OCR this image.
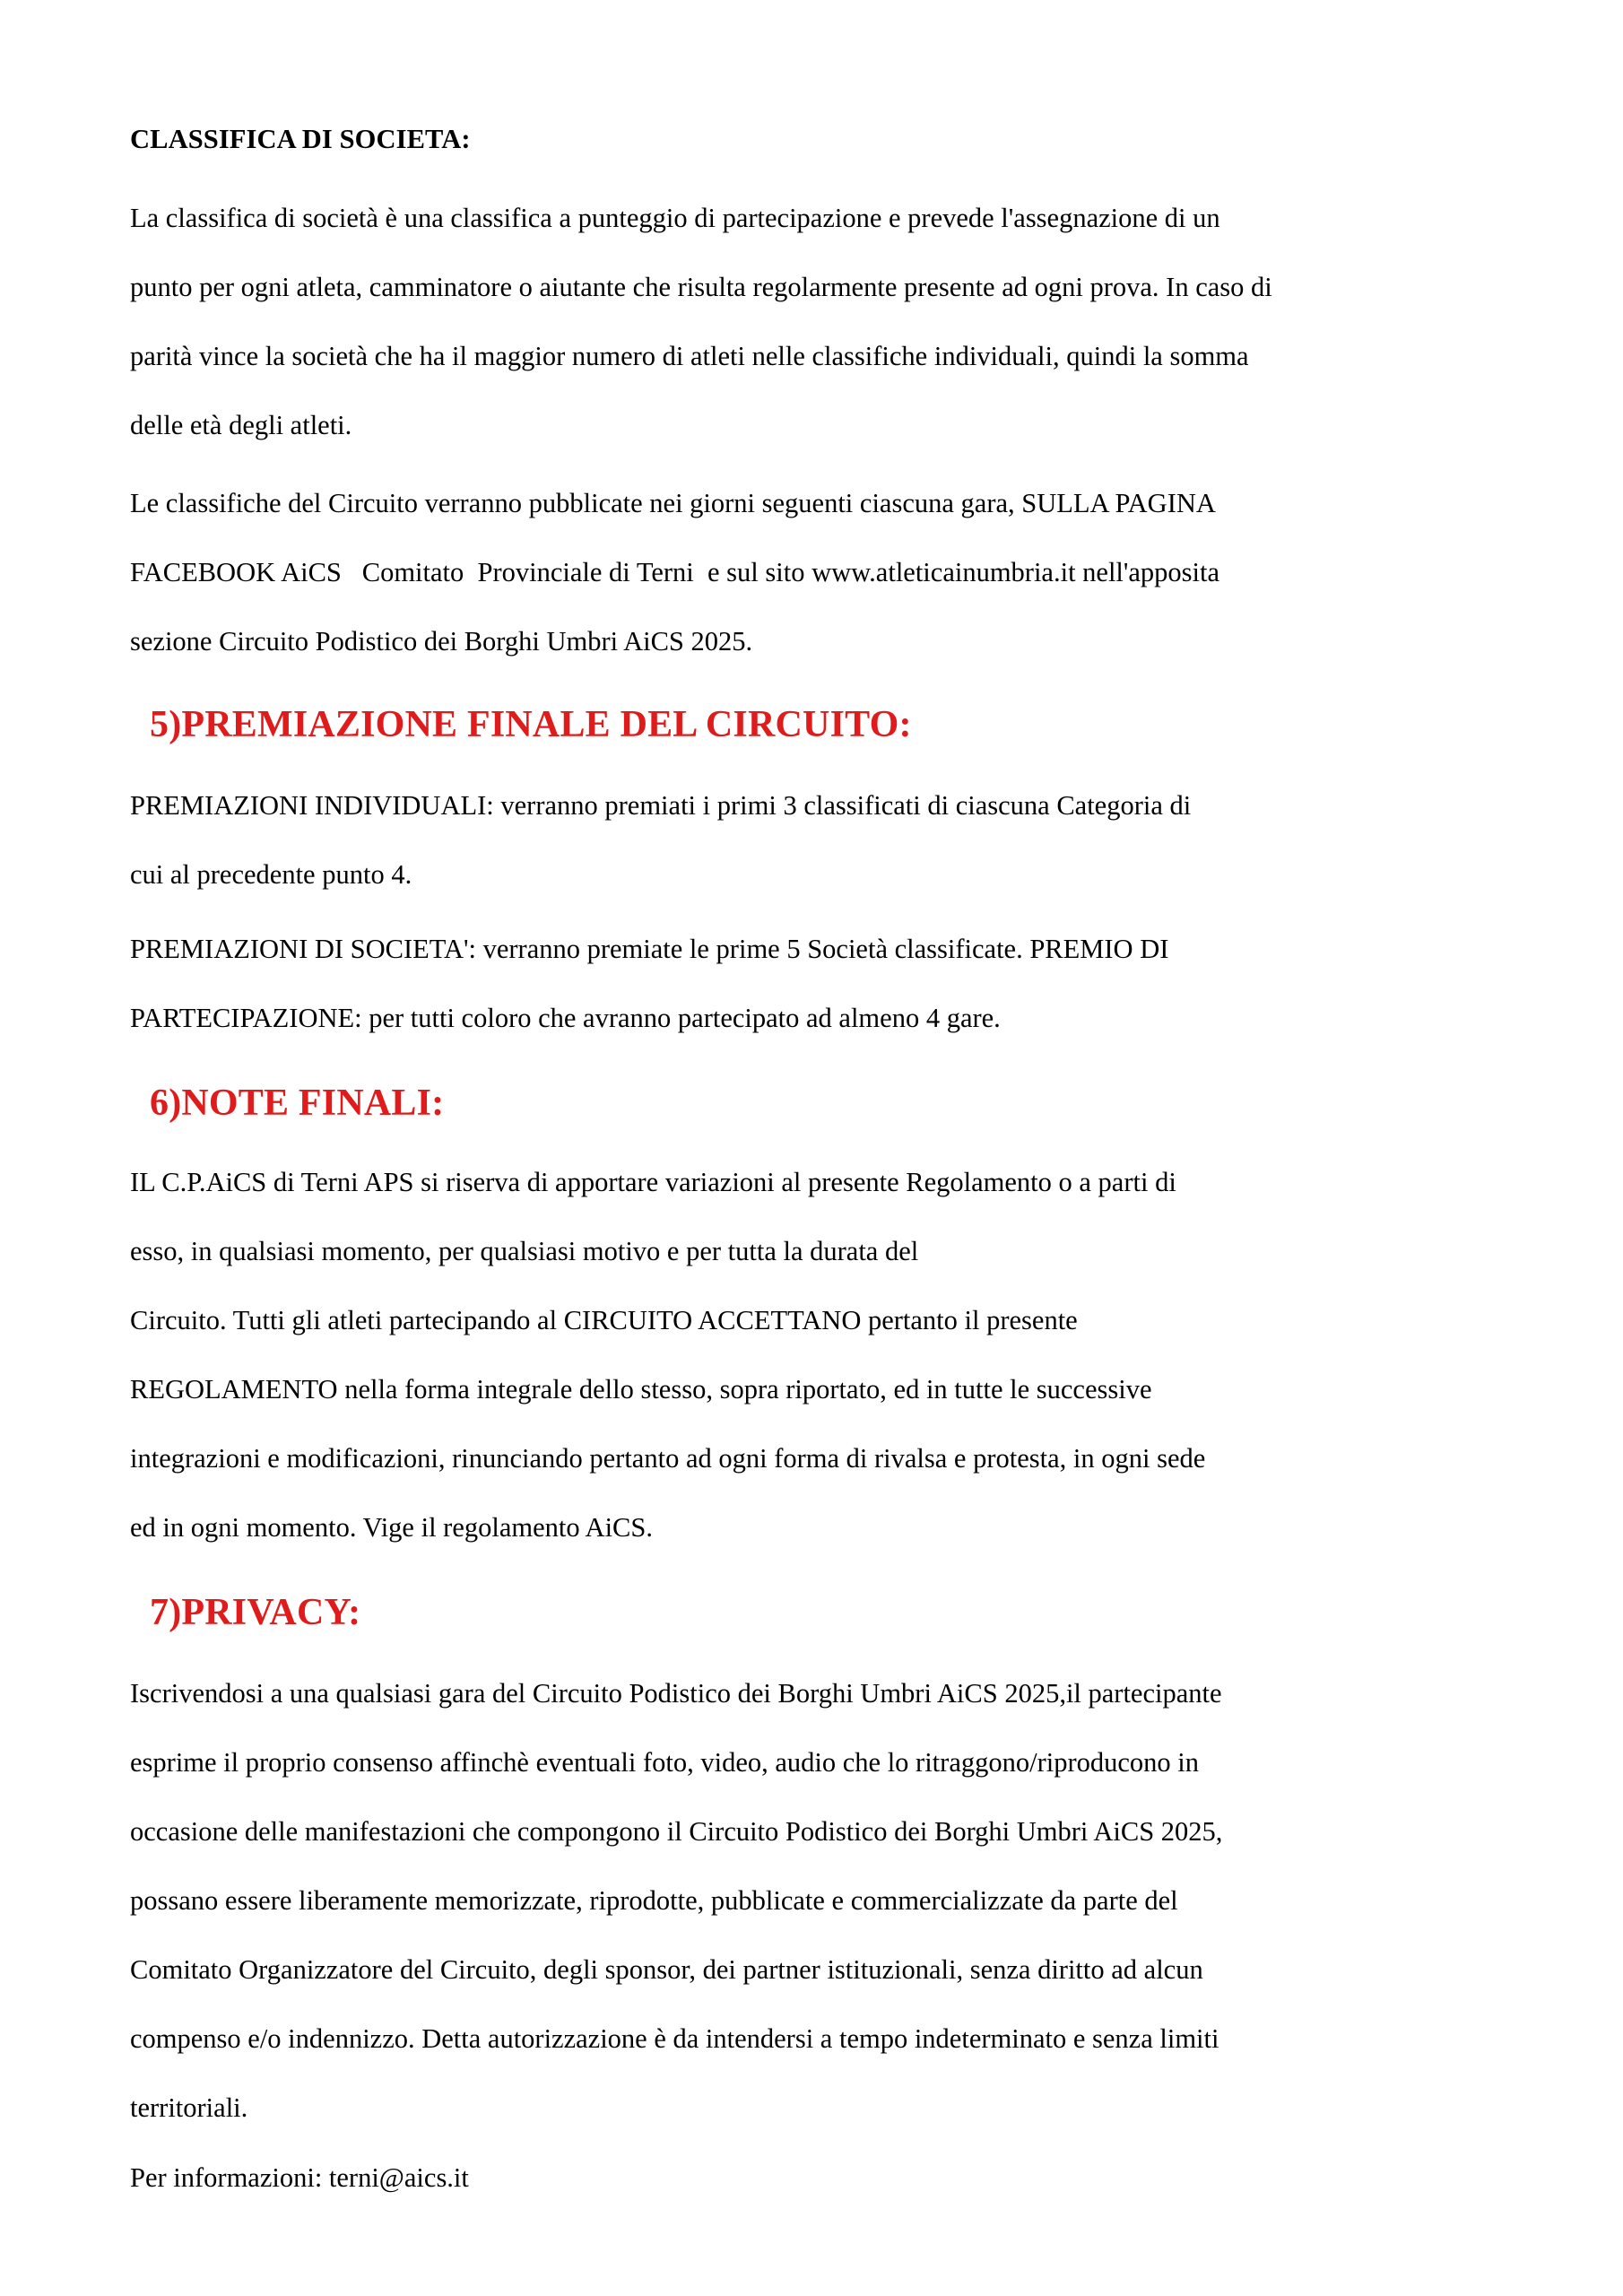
CLASSIFICA DI SOCIETA:

La classifica di società è una classifica a punteggio di partecipazione e prevede l'assegnazione di un
punto per ogni atleta, camminatore o aiutante che risulta regolarmente presente ad ogni prova. In caso di
parità vince la società che ha il maggior numero di atleti nelle classifiche individuali, quindi la somma
delle età degli atleti.

Le classifiche del Circuito verranno pubblicate nei giorni seguenti ciascuna gara, SULLA PAGINA
FACEBOOK AiCS   Comitato  Provinciale di Terni  e sul sito www.atleticainumbria.it nell'apposita
sezione Circuito Podistico dei Borghi Umbri AiCS 2025.

5)PREMIAZIONE FINALE DEL CIRCUITO:

PREMIAZIONI INDIVIDUALI: verranno premiati i primi 3 classificati di ciascuna Categoria di
cui al precedente punto 4.

PREMIAZIONI DI SOCIETA': verranno premiate le prime 5 Società classificate. PREMIO DI
PARTECIPAZIONE: per tutti coloro che avranno partecipato ad almeno 4 gare.

6)NOTE FINALI:

IL C.P.AiCS di Terni APS si riserva di apportare variazioni al presente Regolamento o a parti di
esso, in qualsiasi momento, per qualsiasi motivo e per tutta la durata del
Circuito. Tutti gli atleti partecipando al CIRCUITO ACCETTANO pertanto il presente
REGOLAMENTO nella forma integrale dello stesso, sopra riportato, ed in tutte le successive
integrazioni e modificazioni, rinunciando pertanto ad ogni forma di rivalsa e protesta, in ogni sede
ed in ogni momento. Vige il regolamento AiCS.

7)PRIVACY:

Iscrivendosi a una qualsiasi gara del Circuito Podistico dei Borghi Umbri AiCS 2025,il partecipante
esprime il proprio consenso affinchè eventuali foto, video, audio che lo ritraggono/riproducono in
occasione delle manifestazioni che compongono il Circuito Podistico dei Borghi Umbri AiCS 2025,
possano essere liberamente memorizzate, riprodotte, pubblicate e commercializzate da parte del
Comitato Organizzatore del Circuito, degli sponsor, dei partner istituzionali, senza diritto ad alcun
compenso e/o indennizzo. Detta autorizzazione è da intendersi a tempo indeterminato e senza limiti
territoriali.

Per informazioni: terni@aics.it
